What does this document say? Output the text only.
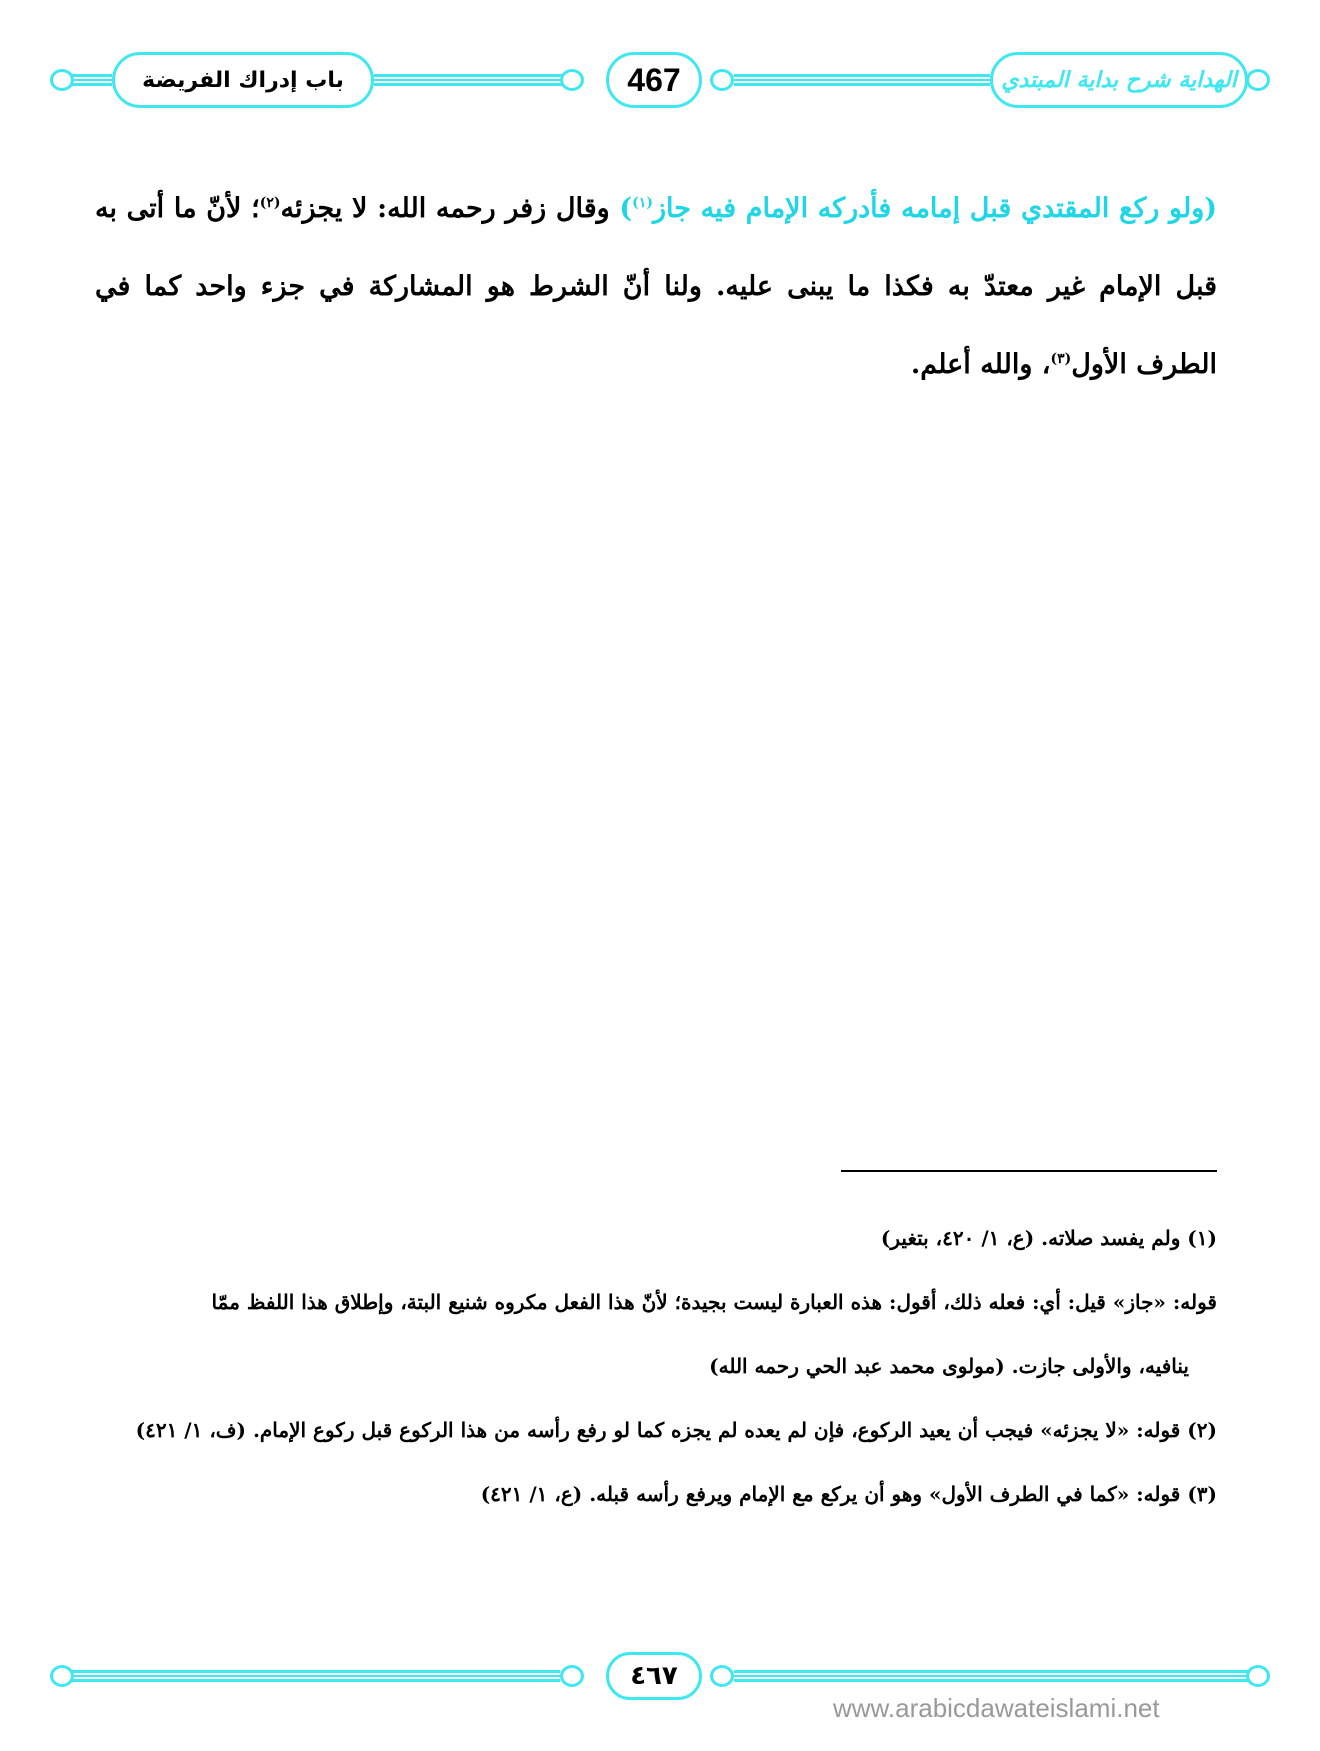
باب إدراك الفريضة	467	الهداية شرح بداية المبتدي
(ولو ركع المقتدي قبل إمامه فأدركه الإمام فيه جاز$^{(١)}$) وقال زفر رحمه الله: لا يجزئه$^{(٢)}$؛ لأنّ ما أتى به قبل الإمام غير معتدّ به فكذا ما يبنى عليه. ولنا أنّ الشرط هو المشاركة في جزء واحد كما في الطرف الأول$^{(٣)}$، والله أعلم.

(١) ولم يفسد صلاته. (ع، ١/ ٤٢٠، بتغير)

قوله: «جاز» قيل: أي: فعله ذلك، أقول: هذه العبارة ليست بجيدة؛ لأنّ هذا الفعل مكروه شنيع البتة، وإطلاق هذا اللفظ ممّا

ينافيه، والأولى جازت. (مولوى محمد عبد الحي رحمه الله)

(٢) قوله: «لا يجزئه» فيجب أن يعيد الركوع، فإن لم يعده لم يجزه كما لو رفع رأسه من هذا الركوع قبل ركوع الإمام. (ف، ١/ ٤٢١)

(٣) قوله: «كما في الطرف الأول» وهو أن يركع مع الإمام ويرفع رأسه قبله. (ع، ١/ ٤٢١)

٤٦٧
www.arabicdawateislami.net
